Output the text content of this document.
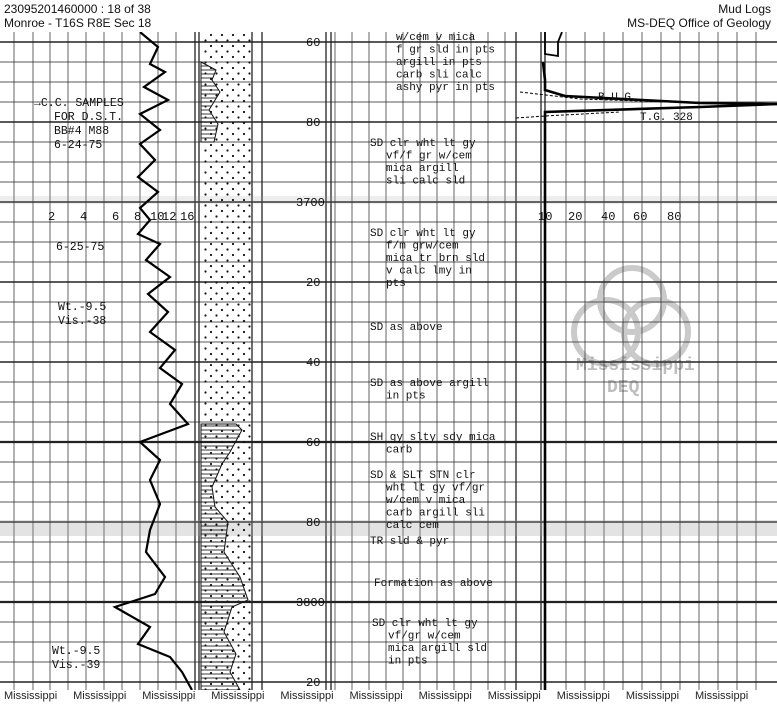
23095201460000 : 18 of 38
Monroe - T16S R8E Sec 18
Mud Logs
MS-DEQ Office of Geology
60
80
3700
20
40
60
80
3800
20
2 4 6 8 10
12 16	10 20 40 60 80
→C.C. SAMPLES
FOR D.S.T.
BB#4 M88
6-24-75
6-25-75
Wt.-9.5
Vis.-38
Wt.-9.5
Vis.-39
w/cem v mica
f gr sld in pts
argill in pts
carb sli calc
ashy pyr in pts
SD clr wht lt gy
vf/f gr w/cem
mica argill
sli calc sld
SD clr wht lt gy
f/m grw/cem
mica tr brn sld
v calc lmy in
pts
SD as above
SD as above argill
in pts
SH gy slty sdy mica
carb
SD & SLT STN clr
wht lt gy vf/gr
w/cem v mica
carb argill sli
calc cem
TR sld & pyr
Formation as above
SD clr wht lt gy
vf/gr w/cem
mica argill sld
in pts
B.U.G.
T.G. 328
Mississippi
DEQ
Mississippi Mississippi Mississippi Mississippi Mississippi Mississippi Mississippi Mississippi Mississippi Mississippi Mississippi
